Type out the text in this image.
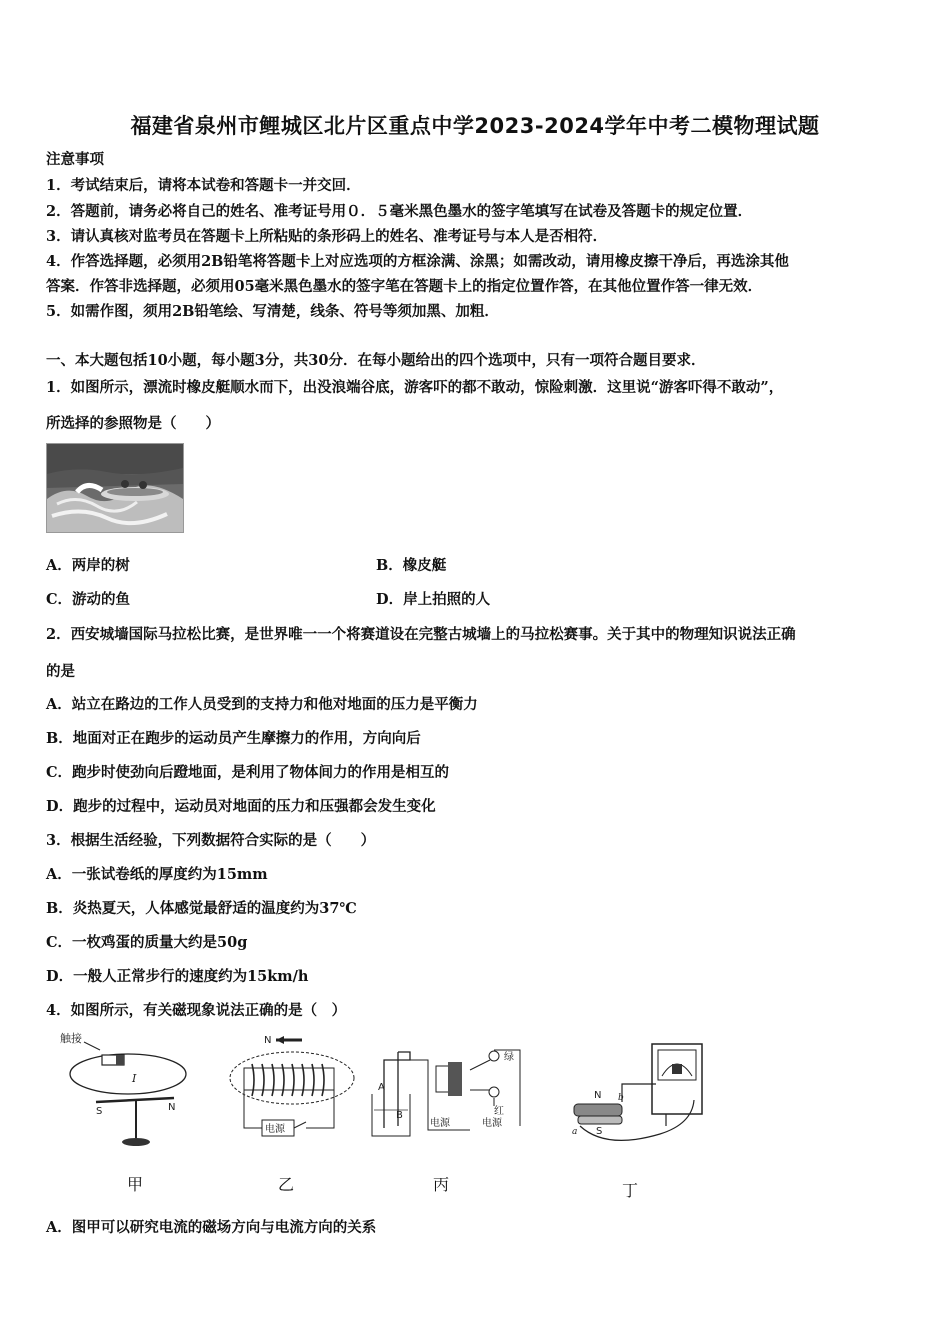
福建省泉州市鲤城区北片区重点中学2023-2024学年中考二模物理试题
注意事项
1．考试结束后，请将本试卷和答题卡一并交回．
2．答题前，请务必将自己的姓名、准考证号用０．５毫米黑色墨水的签字笔填写在试卷及答题卡的规定位置．
3．请认真核对监考员在答题卡上所粘贴的条形码上的姓名、准考证号与本人是否相符．
4．作答选择题，必须用2B铅笔将答题卡上对应选项的方框涂满、涂黑；如需改动，请用橡皮擦干净后，再选涂其他
答案．作答非选择题，必须用05毫米黑色墨水的签字笔在答题卡上的指定位置作答，在其他位置作答一律无效．
5．如需作图，须用2B铅笔绘、写清楚，线条、符号等须加黑、加粗．
一、本大题包括10小题，每小题3分，共30分．在每小题给出的四个选项中，只有一项符合题目要求．
1．如图所示，漂流时橡皮艇顺水而下，出没浪端谷底，游客吓的都不敢动，惊险刺激．这里说“游客吓得不敢动”，
所选择的参照物是（　　）
A．两岸的树	B．橡皮艇
C．游动的鱼	D．岸上拍照的人
2．西安城墙国际马拉松比赛，是世界唯一一个将赛道设在完整古城墙上的马拉松赛事。关于其中的物理知识说法正确
的是
A．站立在路边的工作人员受到的支持力和他对地面的压力是平衡力
B．地面对正在跑步的运动员产生摩擦力的作用，方向向后
C．跑步时使劲向后蹬地面，是利用了物体间力的作用是相互的
D．跑步的过程中，运动员对地面的压力和压强都会发生变化
3．根据生活经验，下列数据符合实际的是（　　）
A．一张试卷纸的厚度约为15mm
B．炎热夏天，人体感觉最舒适的温度约为37℃
C．一枚鸡蛋的质量大约是50g
D．一般人正常步行的速度约为15km/h
4．如图所示，有关磁现象说法正确的是（　）
触接
I
S	N
N
电源
A
B
绿
红
电源	电源
N b
S
a
甲	乙	丙	丁
A．图甲可以研究电流的磁场方向与电流方向的关系
